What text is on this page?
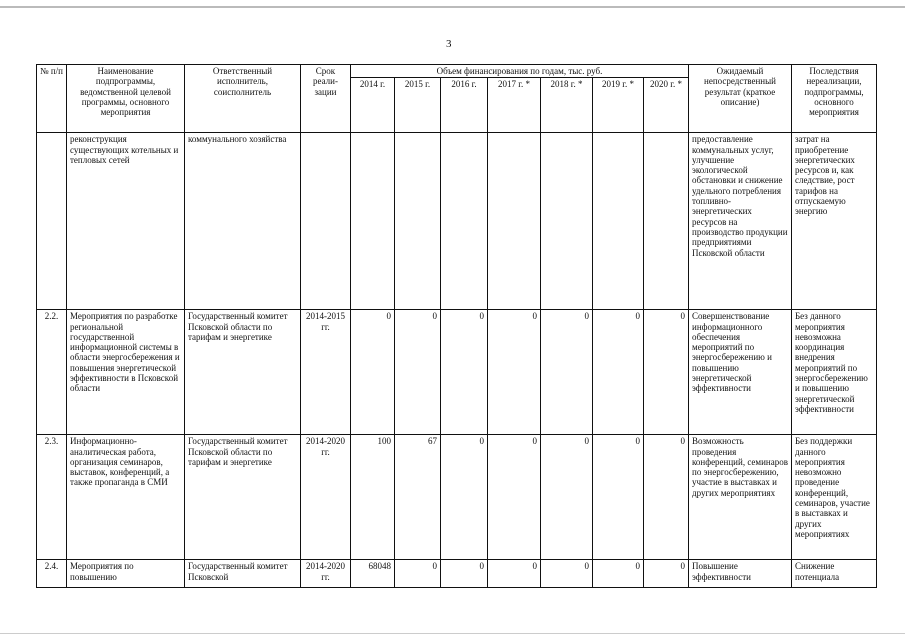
3
№ п/п	Наименование подпрограммы, ведомственной целевой программы, основного мероприятия	Ответственный исполнитель, соисполнитель	Срок реали-зации	Объем финансирования по годам, тыс. руб.							Ожидаемый непосредственный результат (краткое описание)	Последствия нереализации, подпрограммы, основного мероприятия
				2014 г.	2015 г.	2016 г.	2017 г. *	2018 г. *	2019 г. *	2020 г. *		
	реконструкция существующих котельных и тепловых сетей	коммунального хозяйства									предоставление коммунальных услуг, улучшение экологической обстановки и снижение удельного потребления топливно-энергетических ресурсов на производство продукции предприятиями Псковской области	затрат на приобретение энергетических ресурсов и, как следствие, рост тарифов на отпускаемую энергию
2.2.	Мероприятия по разработке региональной государственной информационной системы в области энергосбережения и повышения энергетической эффективности в Псковской области	Государственный комитет Псковской области по тарифам и энергетике	2014-2015 гг.	0	0	0	0	0	0	0	Совершенствование информационного обеспечения мероприятий по энергосбережению и повышению энергетической эффективности	Без данного мероприятия невозможна координация внедрения мероприятий по энергосбережению и повышению энергетической эффективности
2.3.	Информационно-аналитическая работа, организация семинаров, выставок, конференций, а также пропаганда в СМИ	Государственный комитет Псковской области по тарифам и энергетике	2014-2020 гг.	100	67	0	0	0	0	0	Возможность проведения конференций, семинаров по энергосбережению, участие в выставках и других мероприятиях	Без поддержки данного мероприятия невозможно проведение конференций, семинаров, участие в выставках и других мероприятиях
2.4.	Мероприятия по повышению	Государственный комитет Псковской	2014-2020 гг.	68048	0	0	0	0	0	0	Повышение эффективности	Снижение потенциала
